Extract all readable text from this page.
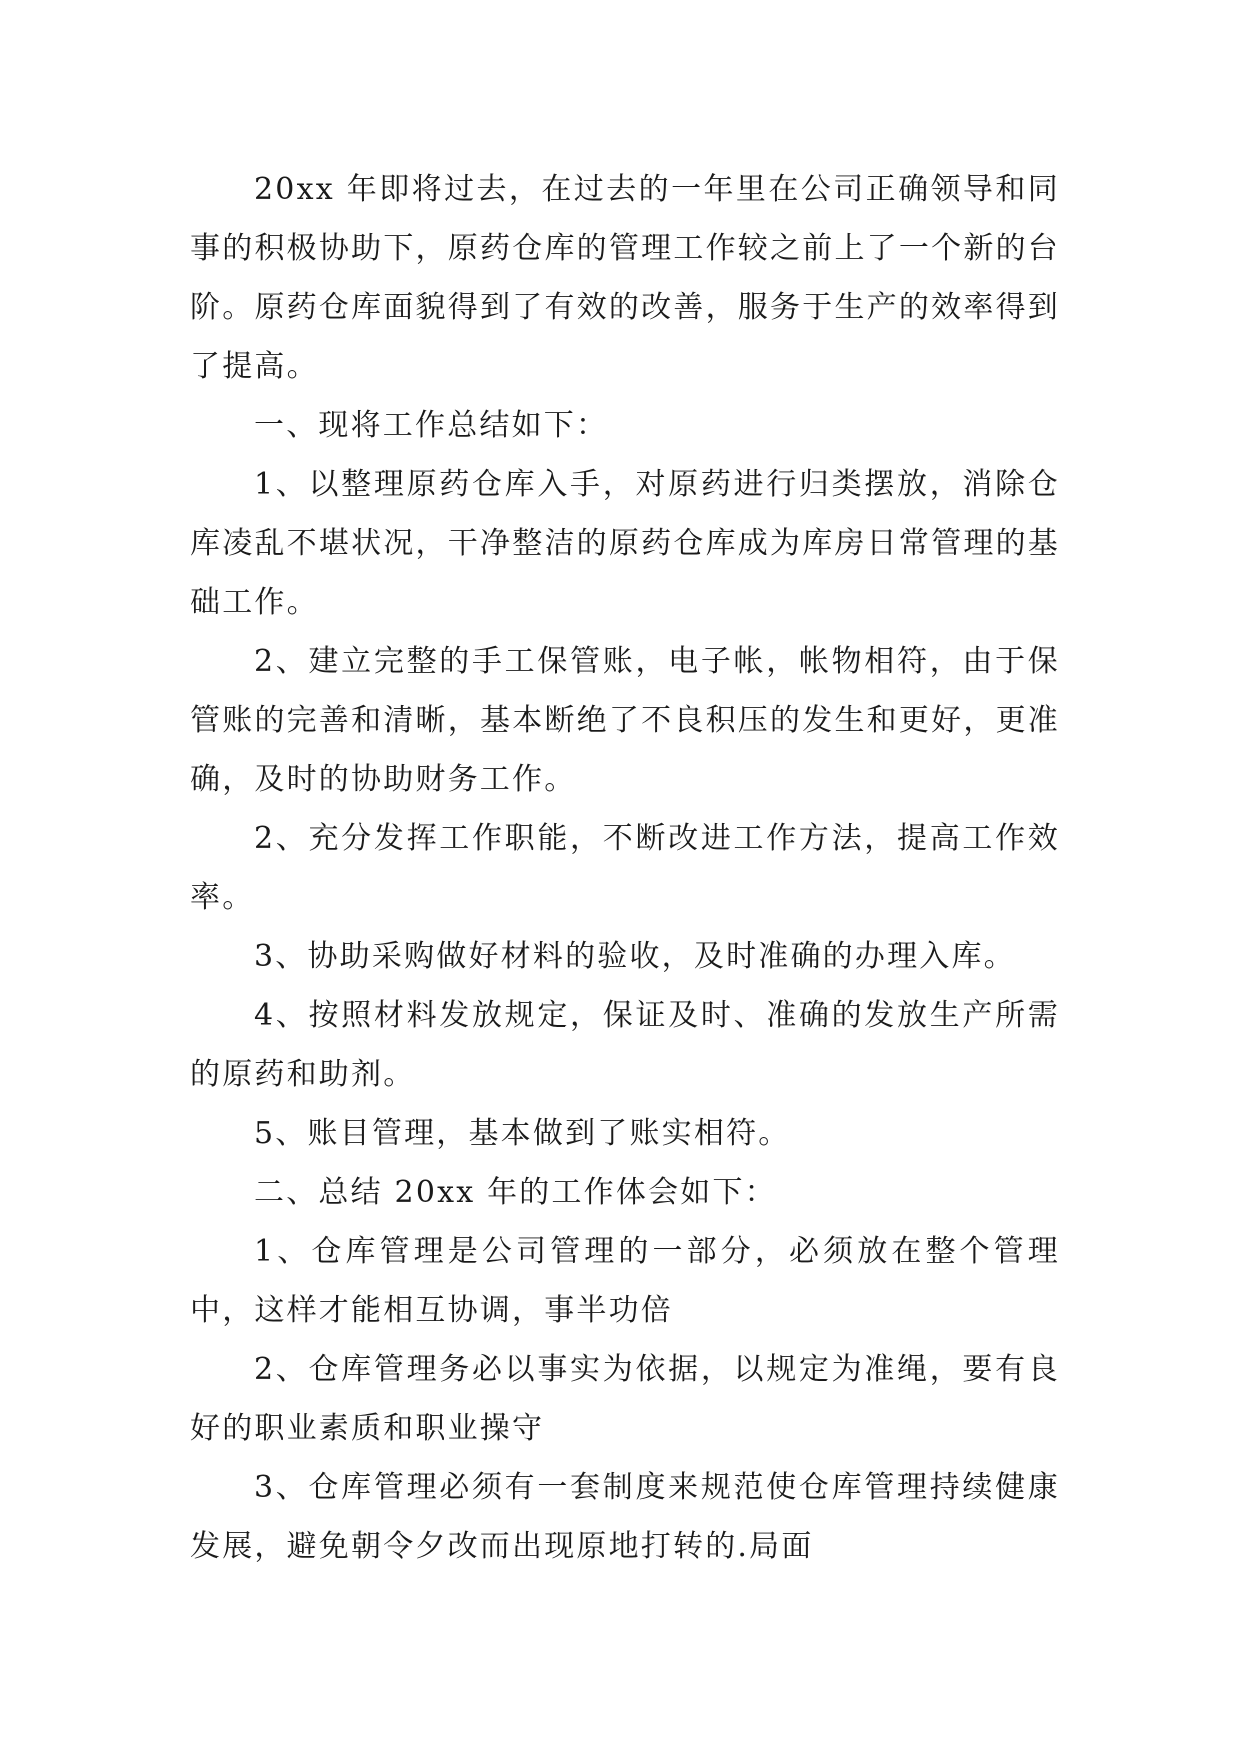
20xx 年即将过去，在过去的一年里在公司正确领导和同事的积极协助下，原药仓库的管理工作较之前上了一个新的台阶。原药仓库面貌得到了有效的改善，服务于生产的效率得到了提高。

一、现将工作总结如下：

1、以整理原药仓库入手，对原药进行归类摆放，消除仓库凌乱不堪状况，干净整洁的原药仓库成为库房日常管理的基础工作。

2、建立完整的手工保管账，电子帐，帐物相符，由于保管账的完善和清晰，基本断绝了不良积压的发生和更好，更准确，及时的协助财务工作。

2、充分发挥工作职能，不断改进工作方法，提高工作效率。

3、协助采购做好材料的验收，及时准确的办理入库。

4、按照材料发放规定，保证及时、准确的发放生产所需的原药和助剂。

5、账目管理，基本做到了账实相符。

二、总结 20xx 年的工作体会如下：

1、仓库管理是公司管理的一部分，必须放在整个管理中，这样才能相互协调，事半功倍

2、仓库管理务必以事实为依据，以规定为准绳，要有良好的职业素质和职业操守

3、仓库管理必须有一套制度来规范使仓库管理持续健康发展，避免朝令夕改而出现原地打转的.局面
